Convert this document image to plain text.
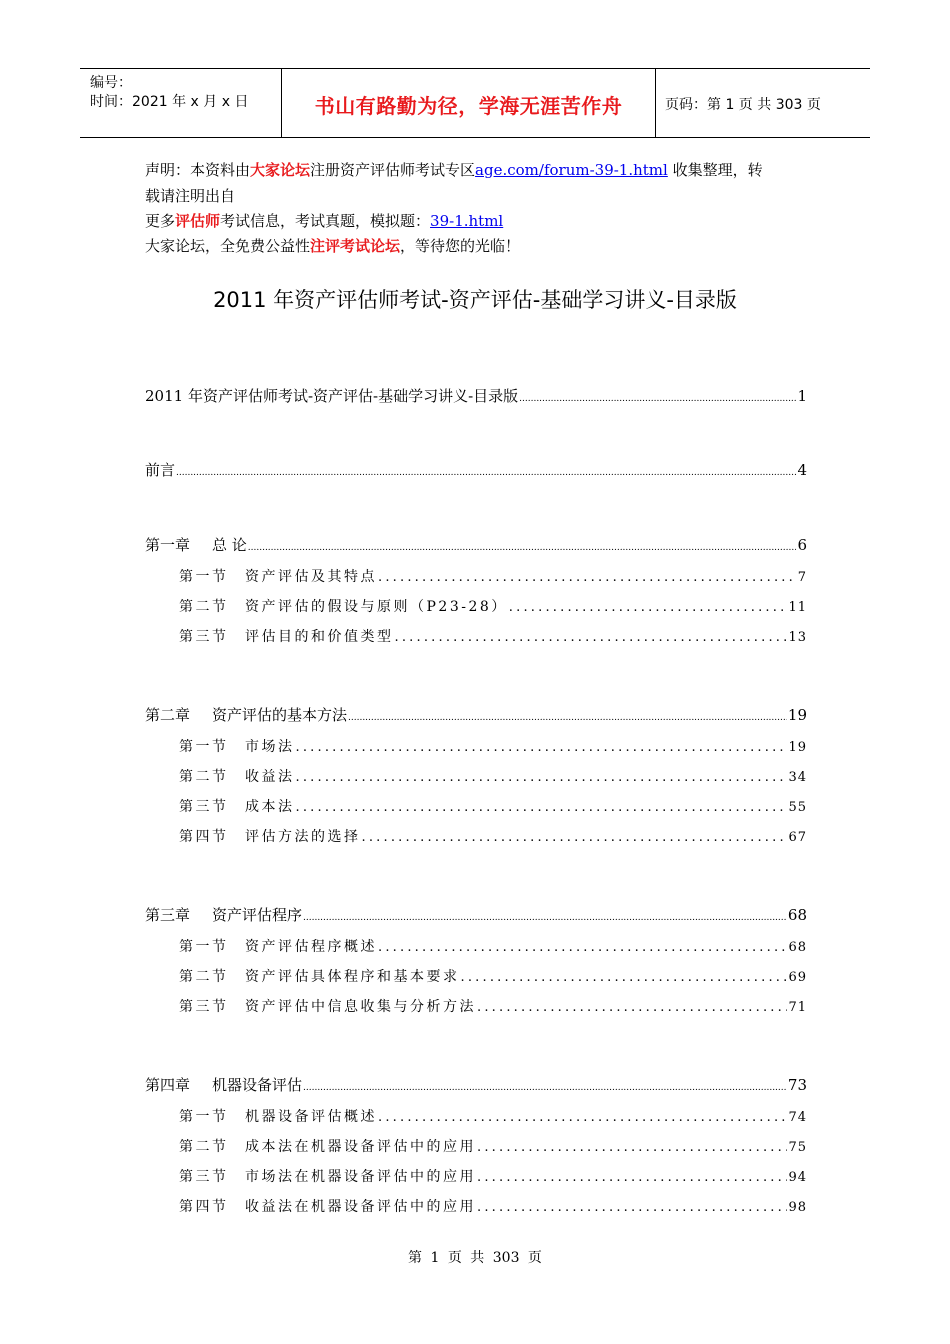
编号：
时间：2021 年 x 月 x 日	书山有路勤为径，学海无涯苦作舟	页码：第 1 页 共 303 页
声明：本资料由大家论坛注册资产评估师考试专区age.com/forum-39-1.html 收集整理，转
载请注明出自
更多评估师考试信息，考试真题，模拟题：39-1.html
大家论坛，全免费公益性注评考试论坛，等待您的光临！
2011 年资产评估师考试-资产评估-基础学习讲义-目录版
2011 年资产评估师考试-资产评估-基础学习讲义-目录版 .....	1
前言 .....	4
第一章 总 论 .....	6
第一节 资产评估及其特点 .....	7
第二节 资产评估的假设与原则（P23-28） .....	11
第三节 评估目的和价值类型 .....	13
第二章 资产评估的基本方法 .....	19
第一节 市场法 .....	19
第二节 收益法 .....	34
第三节 成本法 .....	55
第四节 评估方法的选择 .....	67
第三章 资产评估程序 .....	68
第一节 资产评估程序概述 .....	68
第二节 资产评估具体程序和基本要求 .....	69
第三节 资产评估中信息收集与分析方法 .....	71
第四章 机器设备评估 .....	73
第一节 机器设备评估概述 .....	74
第二节 成本法在机器设备评估中的应用 .....	75
第三节 市场法在机器设备评估中的应用 .....	94
第四节 收益法在机器设备评估中的应用 .....	98
第 1 页 共 303 页
